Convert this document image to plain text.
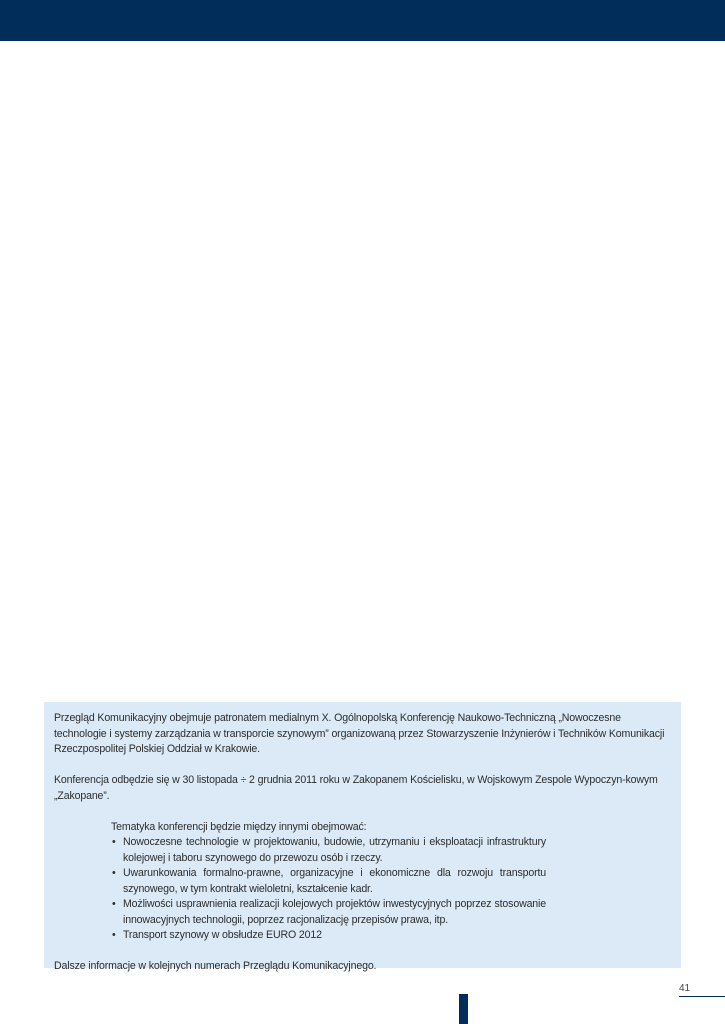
Przegląd Komunikacyjny obejmuje patronatem medialnym X. Ogólnopolską Konferencję Naukowo-Techniczną „Nowoczesne technologie i systemy zarządzania w transporcie szynowym” organizowaną przez Stowarzyszenie Inżynierów i Techników Komunikacji Rzeczpospolitej Polskiej Oddział w Krakowie.

Konferencja odbędzie się w 30 listopada ÷ 2 grudnia 2011 roku w Zakopanem Kościelisku, w Wojskowym Zespole Wypoczyn-kowym „Zakopane”.

Tematyka konferencji będzie między innymi obejmować:

• Nowoczesne technologie w projektowaniu, budowie, utrzymaniu i eksploatacji infrastruktury kolejowej i taboru szynowego do przewozu osób i rzeczy.
• Uwarunkowania formalno-prawne, organizacyjne i ekonomiczne dla rozwoju transportu szynowego, w tym kontrakt wieloletni, kształcenie kadr.
• Możliwości usprawnienia realizacji kolejowych projektów inwestycyjnych poprzez stosowanie innowacyjnych technologii, poprzez racjonalizację przepisów prawa, itp.
• Transport szynowy w obsłudze EURO 2012

Dalsze informacje w kolejnych numerach Przeglądu Komunikacyjnego.

41
